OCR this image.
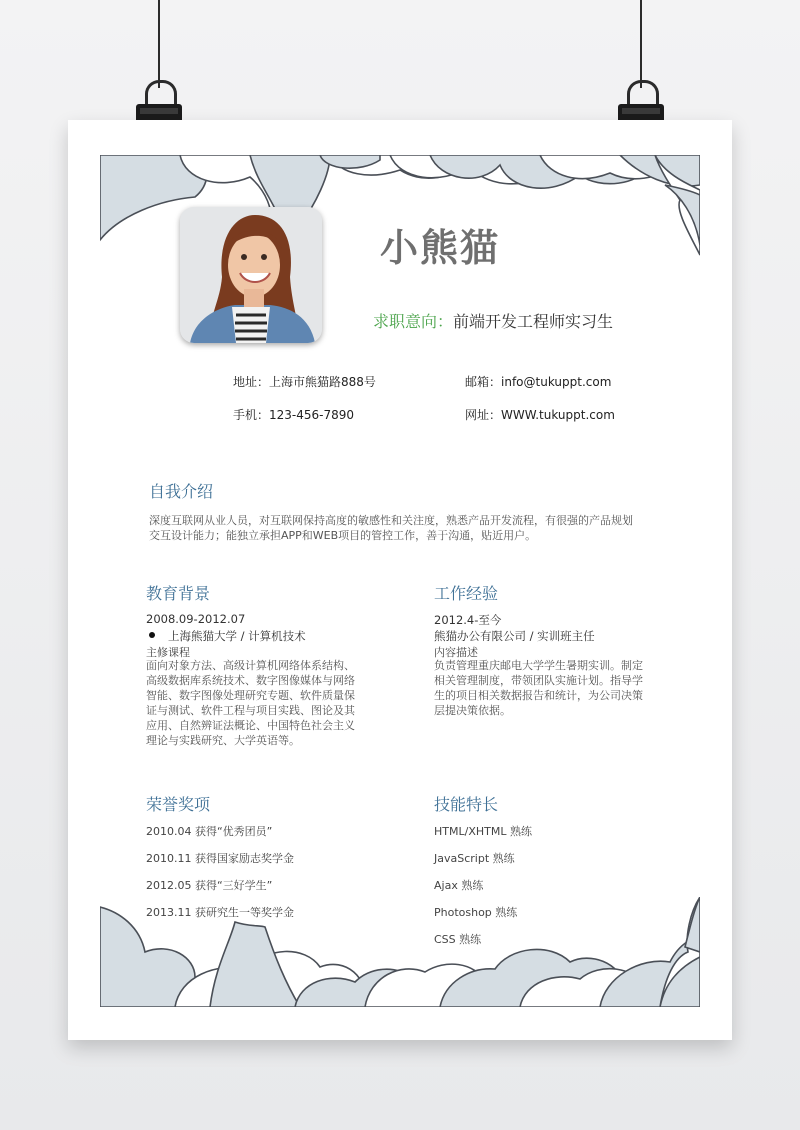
小熊猫
求职意向：前端开发工程师实习生
地址：上海市熊猫路888号	邮箱：info@tukuppt.com
手机：123-456-7890	网址：WWW.tukuppt.com
自我介绍
深度互联网从业人员，对互联网保持高度的敏感性和关注度，熟悉产品开发流程，有很强的产品规划
交互设计能力；能独立承担APP和WEB项目的管控工作，善于沟通，贴近用户。
教育背景
2008.09-2012.07
上海熊猫大学 / 计算机技术
主修课程
面向对象方法、高级计算机网络体系结构、
高级数据库系统技术、数字图像媒体与网络
智能、数字图像处理研究专题、软件质量保
证与测试、软件工程与项目实践、图论及其
应用、自然辨证法概论、中国特色社会主义
理论与实践研究、大学英语等。
工作经验
2012.4-至今
熊猫办公有限公司 / 实训班主任
内容描述
负责管理重庆邮电大学学生暑期实训。制定
相关管理制度，带领团队实施计划。指导学
生的项目相关数据报告和统计，为公司决策
层提决策依据。
荣誉奖项
2010.04 获得“优秀团员”
2010.11 获得国家励志奖学金
2012.05 获得“三好学生”
2013.11 获研究生一等奖学金
技能特长
HTML/XHTML 熟练
JavaScript 熟练
Ajax 熟练
Photoshop 熟练
CSS 熟练
